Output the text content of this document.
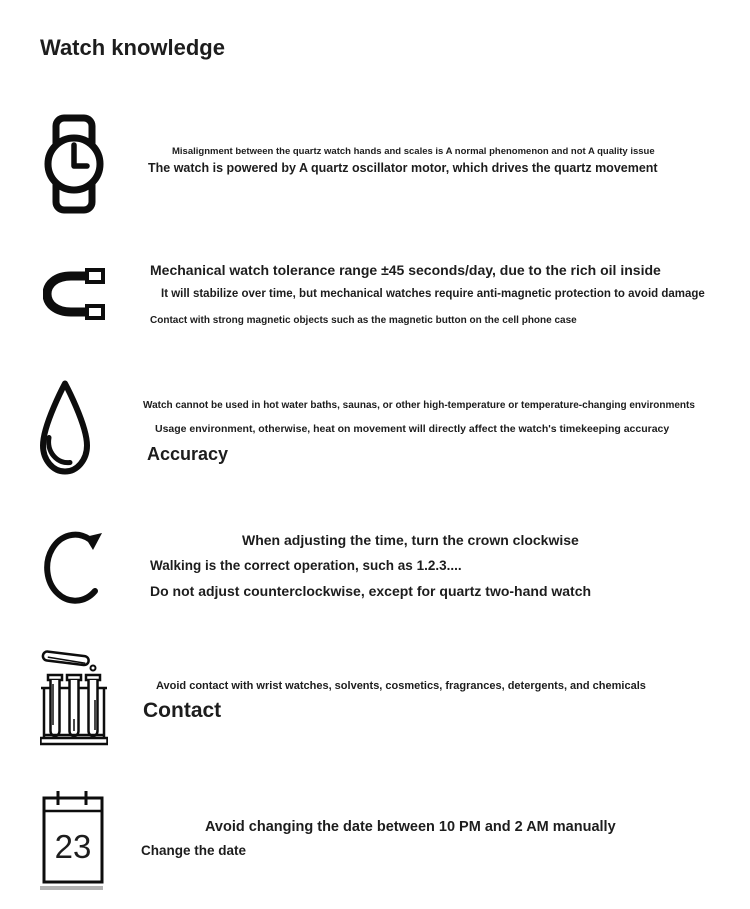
Watch knowledge
Misalignment between the quartz watch hands and scales is A normal phenomenon and not A quality issue
The watch is powered by A quartz oscillator motor, which drives the quartz movement
Mechanical watch tolerance range ±45 seconds/day, due to the rich oil inside
It will stabilize over time, but mechanical watches require anti-magnetic protection to avoid damage
Contact with strong magnetic objects such as the magnetic button on the cell phone case
Watch cannot be used in hot water baths, saunas, or other high-temperature or temperature-changing environments
Usage environment, otherwise, heat on movement will directly affect the watch's timekeeping accuracy
Accuracy
When adjusting the time, turn the crown clockwise
Walking is the correct operation, such as 1.2.3....
Do not adjust counterclockwise, except for quartz two-hand watch
Avoid contact with wrist watches, solvents, cosmetics, fragrances, detergents, and chemicals
Contact
23
Avoid changing the date between 10 PM and 2 AM manually
Change the date
